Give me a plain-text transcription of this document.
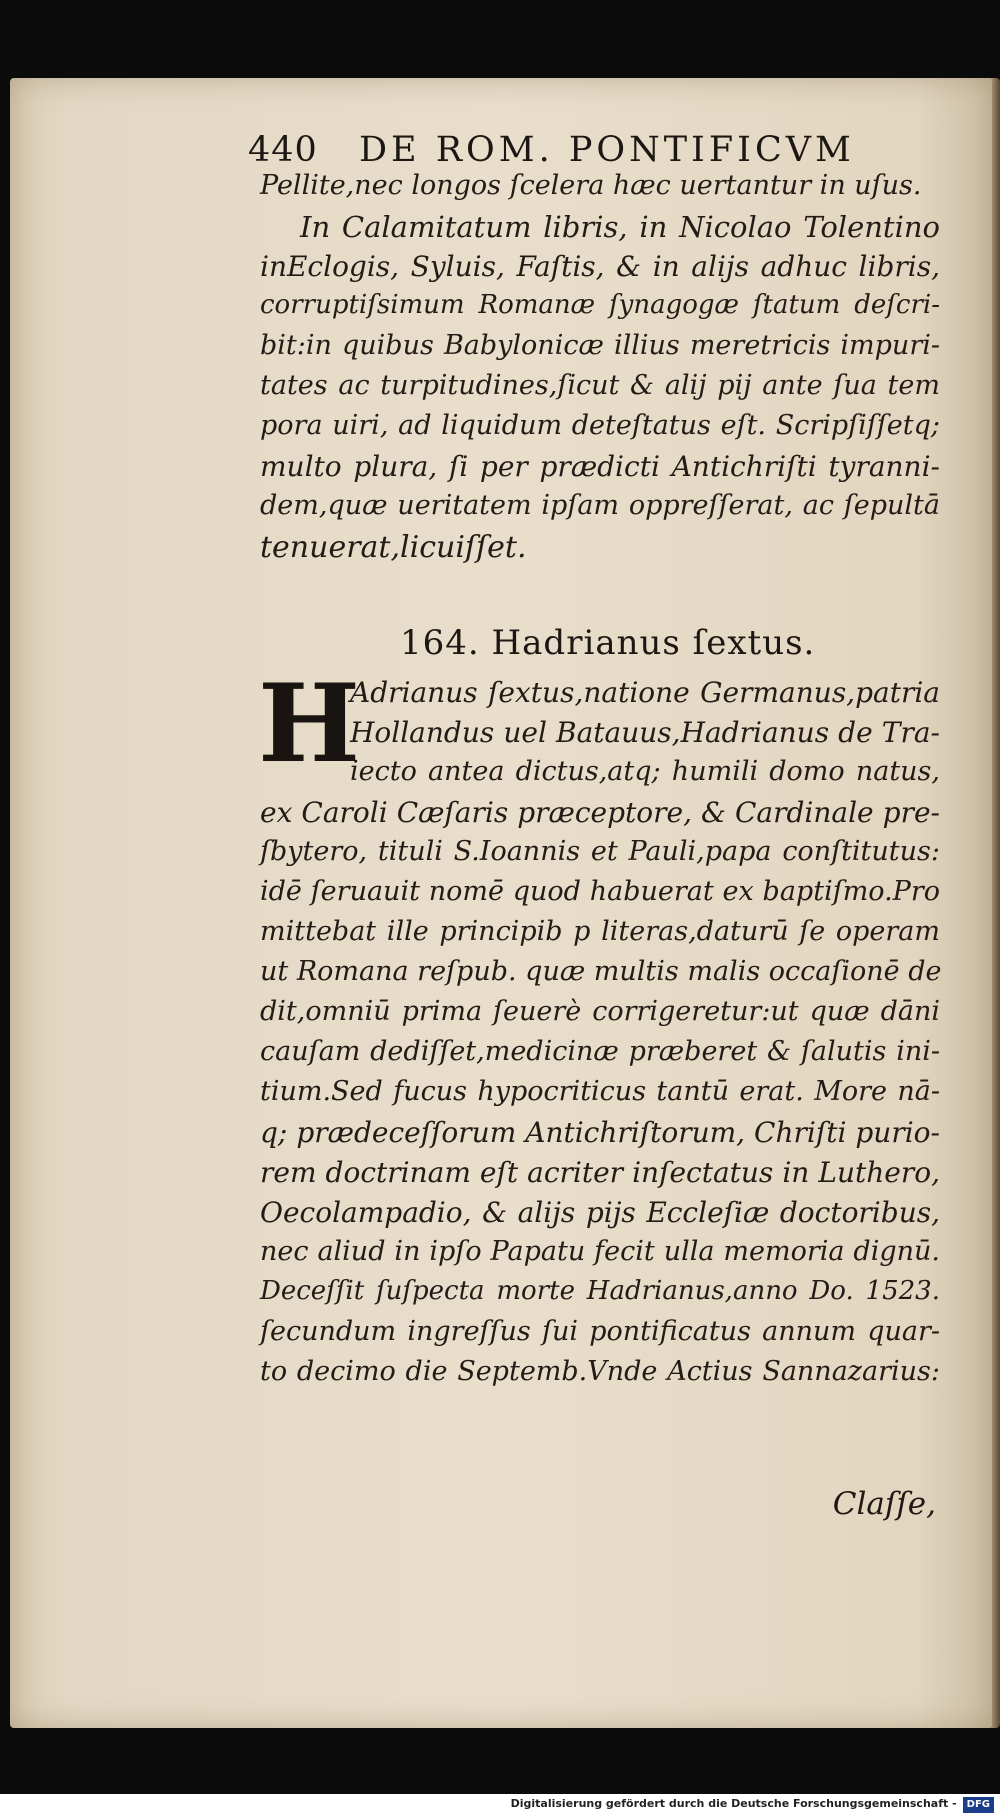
440 DE ROM. PONTIFICVM
Pellite,nec longos ſcelera hæc uertantur in uſus.
In Calamitatum libris, in Nicolao Tolentino
inEclogis, Syluis, Faſtis, & in alijs adhuc libris,
corruptiſsimum Romanæ ſynagogæ ſtatum deſcri-
bit:in quibus Babylonicæ illius meretricis impuri-
tates ac turpitudines,ſicut & alij pij ante ſua tem
pora uiri, ad liquidum deteſtatus eſt. Scripſiſſetq;
multo plura, ſi per prædicti Antichriſti tyranni-
dem,quæ ueritatem ipſam oppreſſerat, ac ſepultā
tenuerat,licuiſſet.
164. Hadrianus ſextus.
H
Adrianus ſextus,natione Germanus,patria
Hollandus uel Batauus,Hadrianus de Tra-
iecto antea dictus,atq; humili domo natus,
ex Caroli Cæſaris præceptore, & Cardinale pre-
ſbytero, tituli S.Ioannis et Pauli,papa conſtitutus:
idē ſeruauit nomē quod habuerat ex baptiſmo.Pro
mittebat ille principib p literas,daturū ſe operam
ut Romana reſpub. quæ multis malis occaſionē de
dit,omniū prima ſeuerè corrigeretur:ut quæ dāni
cauſam dediſſet,medicinæ præberet & ſalutis ini-
tium.Sed fucus hypocriticus tantū erat. More nā-
q; prædeceſſorum Antichriſtorum, Chriſti purio-
rem doctrinam eſt acriter inſectatus in Luthero,
Oecolampadio, & alijs pijs Eccleſiæ doctoribus,
nec aliud in ipſo Papatu fecit ulla memoria dignū.
Deceſſit ſuſpecta morte Hadrianus,anno Do. 1523.
ſecundum ingreſſus ſui pontificatus annum quar-
to decimo die Septemb.Vnde Actius Sannazarius:
Claſſe,
Digitalisierung gefördert durch die Deutsche Forschungsgemeinschaft - DFG
